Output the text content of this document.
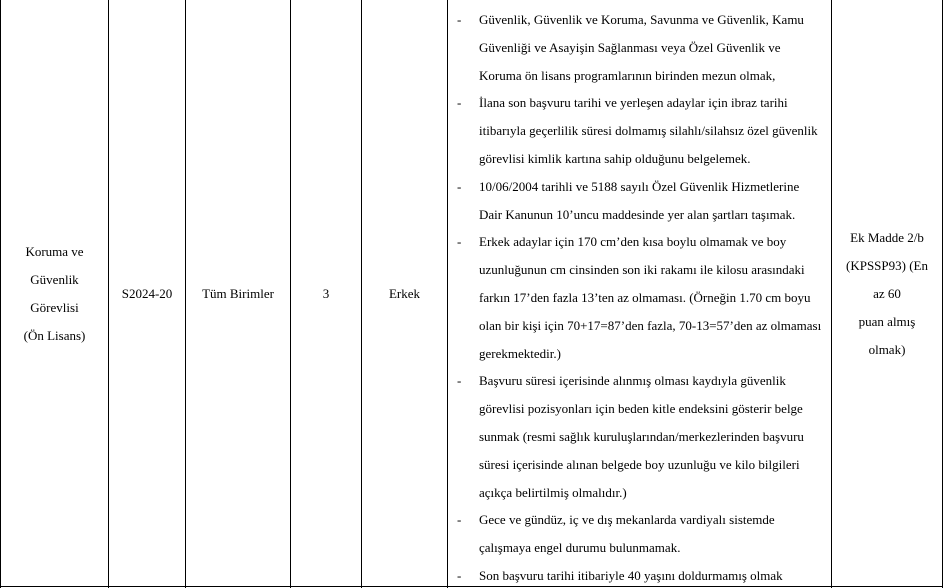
Koruma ve
Güvenlik
Görevlisi
(Ön Lisans)
S2024-20 Tüm Birimler	3	Erkek
- Güvenlik, Güvenlik ve Koruma, Savunma ve Güvenlik, Kamu Güvenliği ve Asayişin Sağlanması veya Özel Güvenlik ve Koruma ön lisans programlarının birinden mezun olmak,
- İlana son başvuru tarihi ve yerleşen adaylar için ibraz tarihi itibarıyla geçerlilik süresi dolmamış silahlı/silahsız özel güvenlik görevlisi kimlik kartına sahip olduğunu belgelemek.
- 10/06/2004 tarihli ve 5188 sayılı Özel Güvenlik Hizmetlerine Dair Kanunun 10’uncu maddesinde yer alan şartları taşımak.
- Erkek adaylar için 170 cm’den kısa boylu olmamak ve boy uzunluğunun cm cinsinden son iki rakamı ile kilosu arasındaki farkın 17’den fazla 13’ten az olmaması. (Örneğin 1.70 cm boyu olan bir kişi için 70+17=87’den fazla, 70-13=57’den az olmaması gerekmektedir.)
- Başvuru süresi içerisinde alınmış olması kaydıyla güvenlik görevlisi pozisyonları için beden kitle endeksini gösterir belge sunmak (resmi sağlık kuruluşlarından/merkezlerinden başvuru süresi içerisinde alınan belgede boy uzunluğu ve kilo bilgileri açıkça belirtilmiş olmalıdır.)
- Gece ve gündüz, iç ve dış mekanlarda vardiyalı sistemde çalışmaya engel durumu bulunmamak.
- Son başvuru tarihi itibariyle 40 yaşını doldurmamış olmak
Ek Madde 2/b
(KPSSP93) (En
az 60
puan almış
olmak)
